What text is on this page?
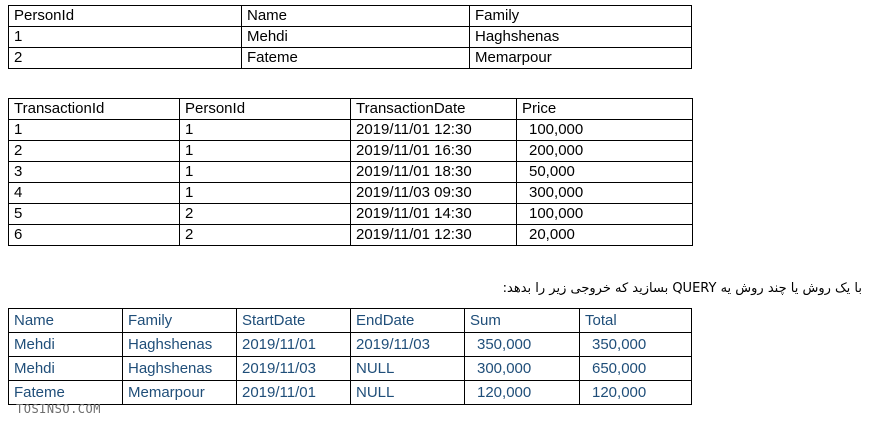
PersonId	Name	Family
1	Mehdi	Haghshenas
2	Fateme	Memarpour
TransactionId	PersonId	TransactionDate	Price
1	1	2019/11/01 12:30	100,000
2	1	2019/11/01 16:30	200,000
3	1	2019/11/01 18:30	50,000
4	1	2019/11/03 09:30	300,000
5	2	2019/11/01 14:30	100,000
6	2	2019/11/01 12:30	20,000
با یک روش یا چند روش یه QUERY بسازید که خروجی زیر را بدهد:
Name	Family	StartDate	EndDate	Sum	Total
Mehdi	Haghshenas	2019/11/01	2019/11/03	350,000	350,000
Mehdi	Haghshenas	2019/11/03	NULL	300,000	650,000
Fateme	Memarpour	2019/11/01	NULL	120,000	120,000
TOSINSO.COM
